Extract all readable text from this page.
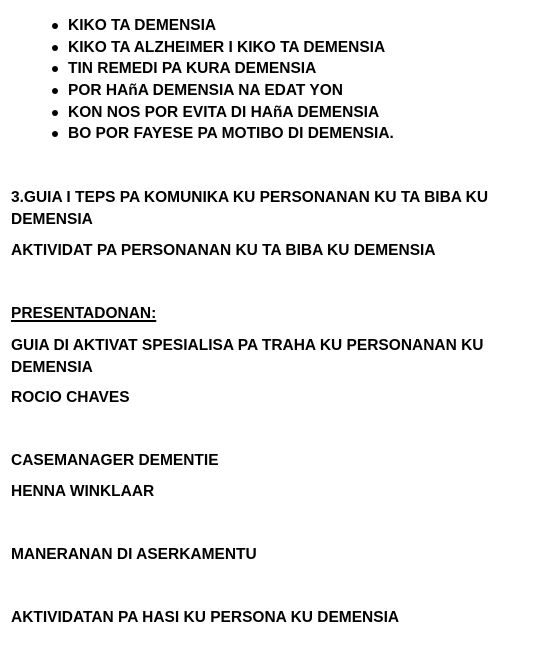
KIKO TA DEMENSIA
KIKO TA ALZHEIMER I KIKO TA DEMENSIA
TIN REMEDI PA KURA DEMENSIA
POR HAñA DEMENSIA NA EDAT YON
KON NOS POR EVITA DI HAñA DEMENSIA
BO POR FAYESE PA MOTIBO DI DEMENSIA.

3.GUIA I TEPS PA KOMUNIKA KU PERSONANAN KU TA BIBA KU DEMENSIA

AKTIVIDAT PA PERSONANAN KU TA BIBA KU DEMENSIA

PRESENTADONAN:

GUIA DI AKTIVAT SPESIALISA PA TRAHA KU PERSONANAN KU DEMENSIA

ROCIO CHAVES

CASEMANAGER DEMENTIE

HENNA WINKLAAR

MANERANAN DI ASERKAMENTU

AKTIVIDATAN PA HASI KU PERSONA KU DEMENSIA
